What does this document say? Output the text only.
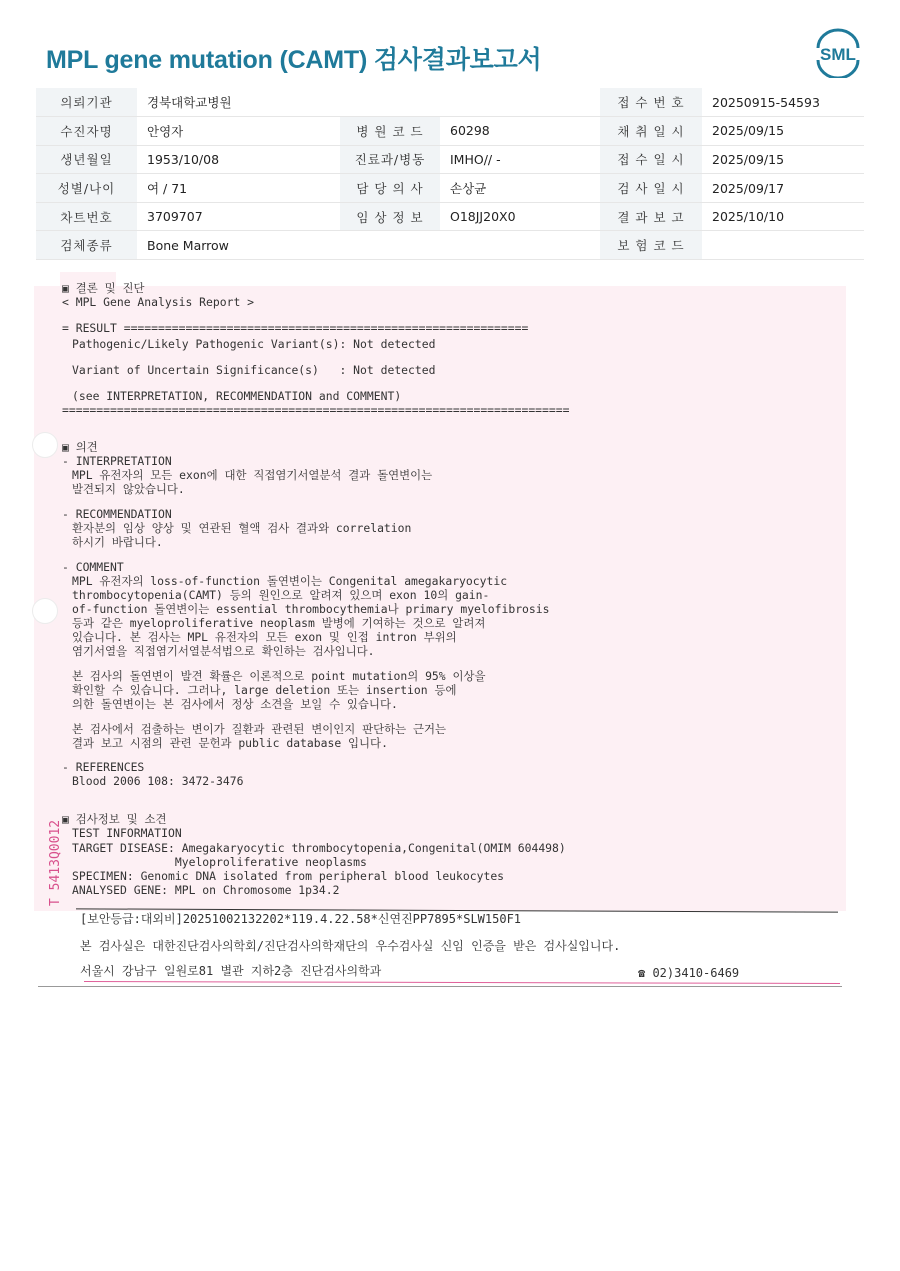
MPL gene mutation (CAMT) 검사결과보고서	SML
의뢰기관	경북대학교병원			접 수 번 호	20250915-54593
수진자명	안영자	병 원 코 드	60298	채 취 일 시	2025/09/15
생년월일	1953/10/08	진료과/병동	IMHO// -	접 수 일 시	2025/09/15
성별/나이	여 / 71	담 당 의 사	손상균	검 사 일 시	2025/09/17
차트번호	3709707	임 상 정 보	O18JJ20X0	결 과 보 고	2025/10/10
검체종류	Bone Marrow			보 험 코 드	
▣ 결론 및 진단
< MPL Gene Analysis Report >
= RESULT ===========================================================
Pathogenic/Likely Pathogenic Variant(s): Not detected
Variant of Uncertain Significance(s)   : Not detected
(see INTERPRETATION, RECOMMENDATION and COMMENT)
==========================================================================
▣ 의견
- INTERPRETATION
MPL 유전자의 모든 exon에 대한 직접염기서열분석 결과 돌연변이는
발견되지 않았습니다.
- RECOMMENDATION
환자분의 임상 양상 및 연관된 혈액 검사 결과와 correlation
하시기 바랍니다.
- COMMENT
MPL 유전자의 loss-of-function 돌연변이는 Congenital amegakaryocytic
thrombocytopenia(CAMT) 등의 원인으로 알려져 있으며 exon 10의 gain-
of-function 돌연변이는 essential thrombocythemia나 primary myelofibrosis
등과 같은 myeloproliferative neoplasm 발병에 기여하는 것으로 알려져
있습니다. 본 검사는 MPL 유전자의 모든 exon 및 인접 intron 부위의
염기서열을 직접염기서열분석법으로 확인하는 검사입니다.
본 검사의 돌연변이 발견 확률은 이론적으로 point mutation의 95% 이상을
확인할 수 있습니다. 그러나, large deletion 또는 insertion 등에
의한 돌연변이는 본 검사에서 정상 소견을 보일 수 있습니다.
본 검사에서 검출하는 변이가 질환과 관련된 변이인지 판단하는 근거는
결과 보고 시점의 관련 문헌과 public database 입니다.
- REFERENCES
Blood 2006 108: 3472-3476
▣ 검사정보 및 소견
TEST INFORMATION
TARGET DISEASE: Amegakaryocytic thrombocytopenia,Congenital(OMIM 604498)
Myeloproliferative neoplasms
SPECIMEN: Genomic DNA isolated from peripheral blood leukocytes
ANALYSED GENE: MPL on Chromosome 1p34.2
T 5413Q0012
[보안등급:대외비]20251002132202*119.4.22.58*신연진PP7895*SLW150F1
본 검사실은 대한진단검사의학회/진단검사의학재단의 우수검사실 신임 인증을 받은 검사실입니다.
서울시 강남구 일원로81 별관 지하2층 진단검사의학과	☎ 02)3410-6469
